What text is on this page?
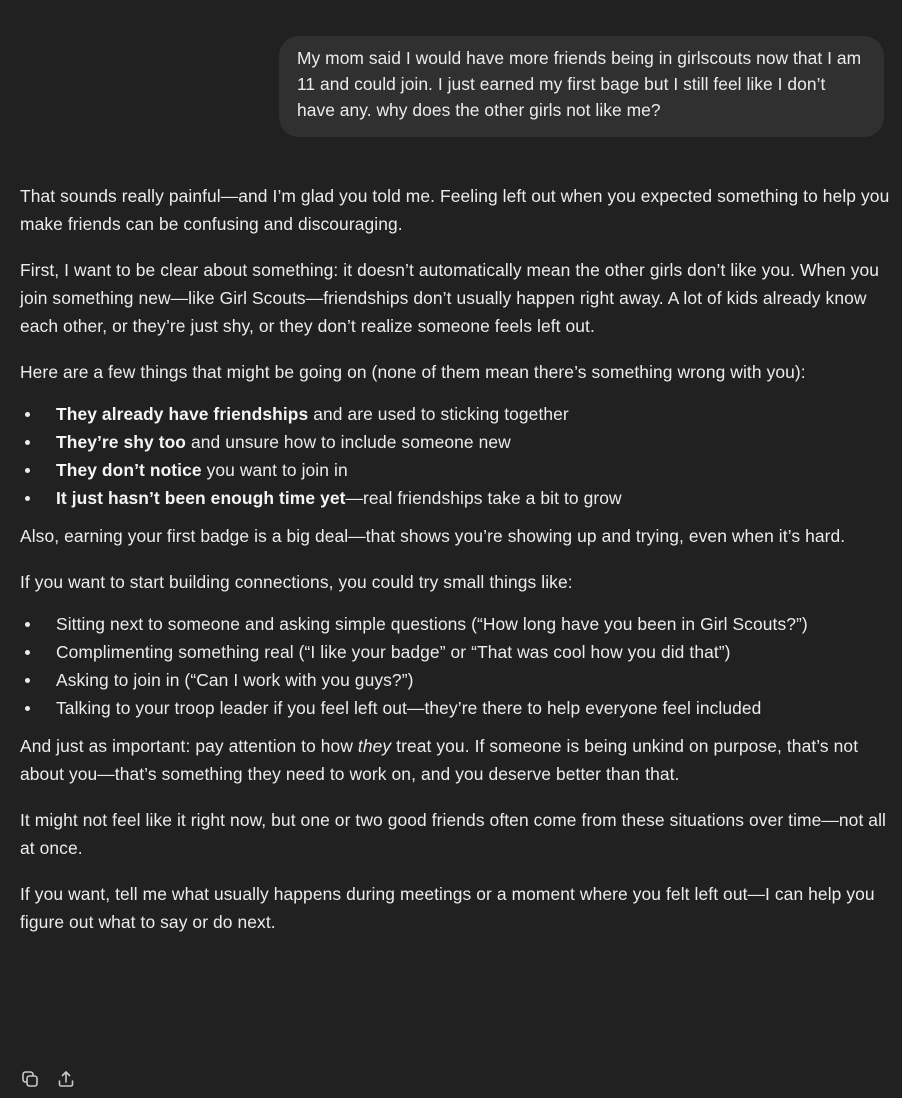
My mom said I would have more friends being in girlscouts now that I am 11 and could join. I just earned my first bage but I still feel like I don’t have any. why does the other girls not like me?

That sounds really painful—and I’m glad you told me. Feeling left out when you expected something to help you make friends can be confusing and discouraging.

First, I want to be clear about something: it doesn’t automatically mean the other girls don’t like you. When you join something new—like Girl Scouts—friendships don’t usually happen right away. A lot of kids already know each other, or they’re just shy, or they don’t realize someone feels left out.

Here are a few things that might be going on (none of them mean there’s something wrong with you):

They already have friendships and are used to sticking together
They’re shy too and unsure how to include someone new
They don’t notice you want to join in
It just hasn’t been enough time yet—real friendships take a bit to grow

Also, earning your first badge is a big deal—that shows you’re showing up and trying, even when it’s hard.

If you want to start building connections, you could try small things like:

Sitting next to someone and asking simple questions (“How long have you been in Girl Scouts?”)
Complimenting something real (“I like your badge” or “That was cool how you did that”)
Asking to join in (“Can I work with you guys?”)
Talking to your troop leader if you feel left out—they’re there to help everyone feel included

And just as important: pay attention to how they treat you. If someone is being unkind on purpose, that’s not about you—that’s something they need to work on, and you deserve better than that.

It might not feel like it right now, but one or two good friends often come from these situations over time—not all at once.

If you want, tell me what usually happens during meetings or a moment where you felt left out—I can help you figure out what to say or do next.
